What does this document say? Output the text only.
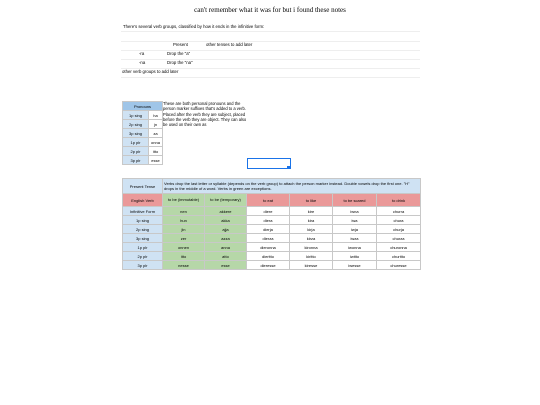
can't remember what it was for but i found these notes
There's several verb groups, classified by how it ends in the infinitive form:
Present	other tenses to add later
-ra	Drop the "a"
-na	Drop the "na"
other verb groups to add later
Pronouns	
1p sing	ha
2p sing	jn
3p sing	za
1p plr	onna
2p plr	itto
3p plr	esse
These are both personal pronouns and the person marker suffixes that's added to a verb. Placed after the verb they are subject, placed before the verb they are object. They can also be used on their own as
Present Tense	Verbs drop the last letter or syllable (depends on the verb group) to attach the person marker instead. Double vowels drop the first one. "H" drops in the middle of a word. Verbs in green are exceptions.					
English Verb	to be (immutable)	to be (temporary)	to eat	to like	to be scared	to drink
Infinitive Form	nen	akkere	diere	kire	iwna	churra
1p sing	hun	akka	diera	kira	iwa	chura
2p sing	jin	ajja	dierja	kirja	iwja	churja
3p sing	zer	azza	dierza	kirza	iwza	churza
1p plr	onnen	anna	dieronna	kironna	iwonna	churonna
2p plr	itto	atto	dieritto	kiritto	iwitto	churitto
3p plr	nesse	esse	dieresse	kiresse	iwesse	churesse
